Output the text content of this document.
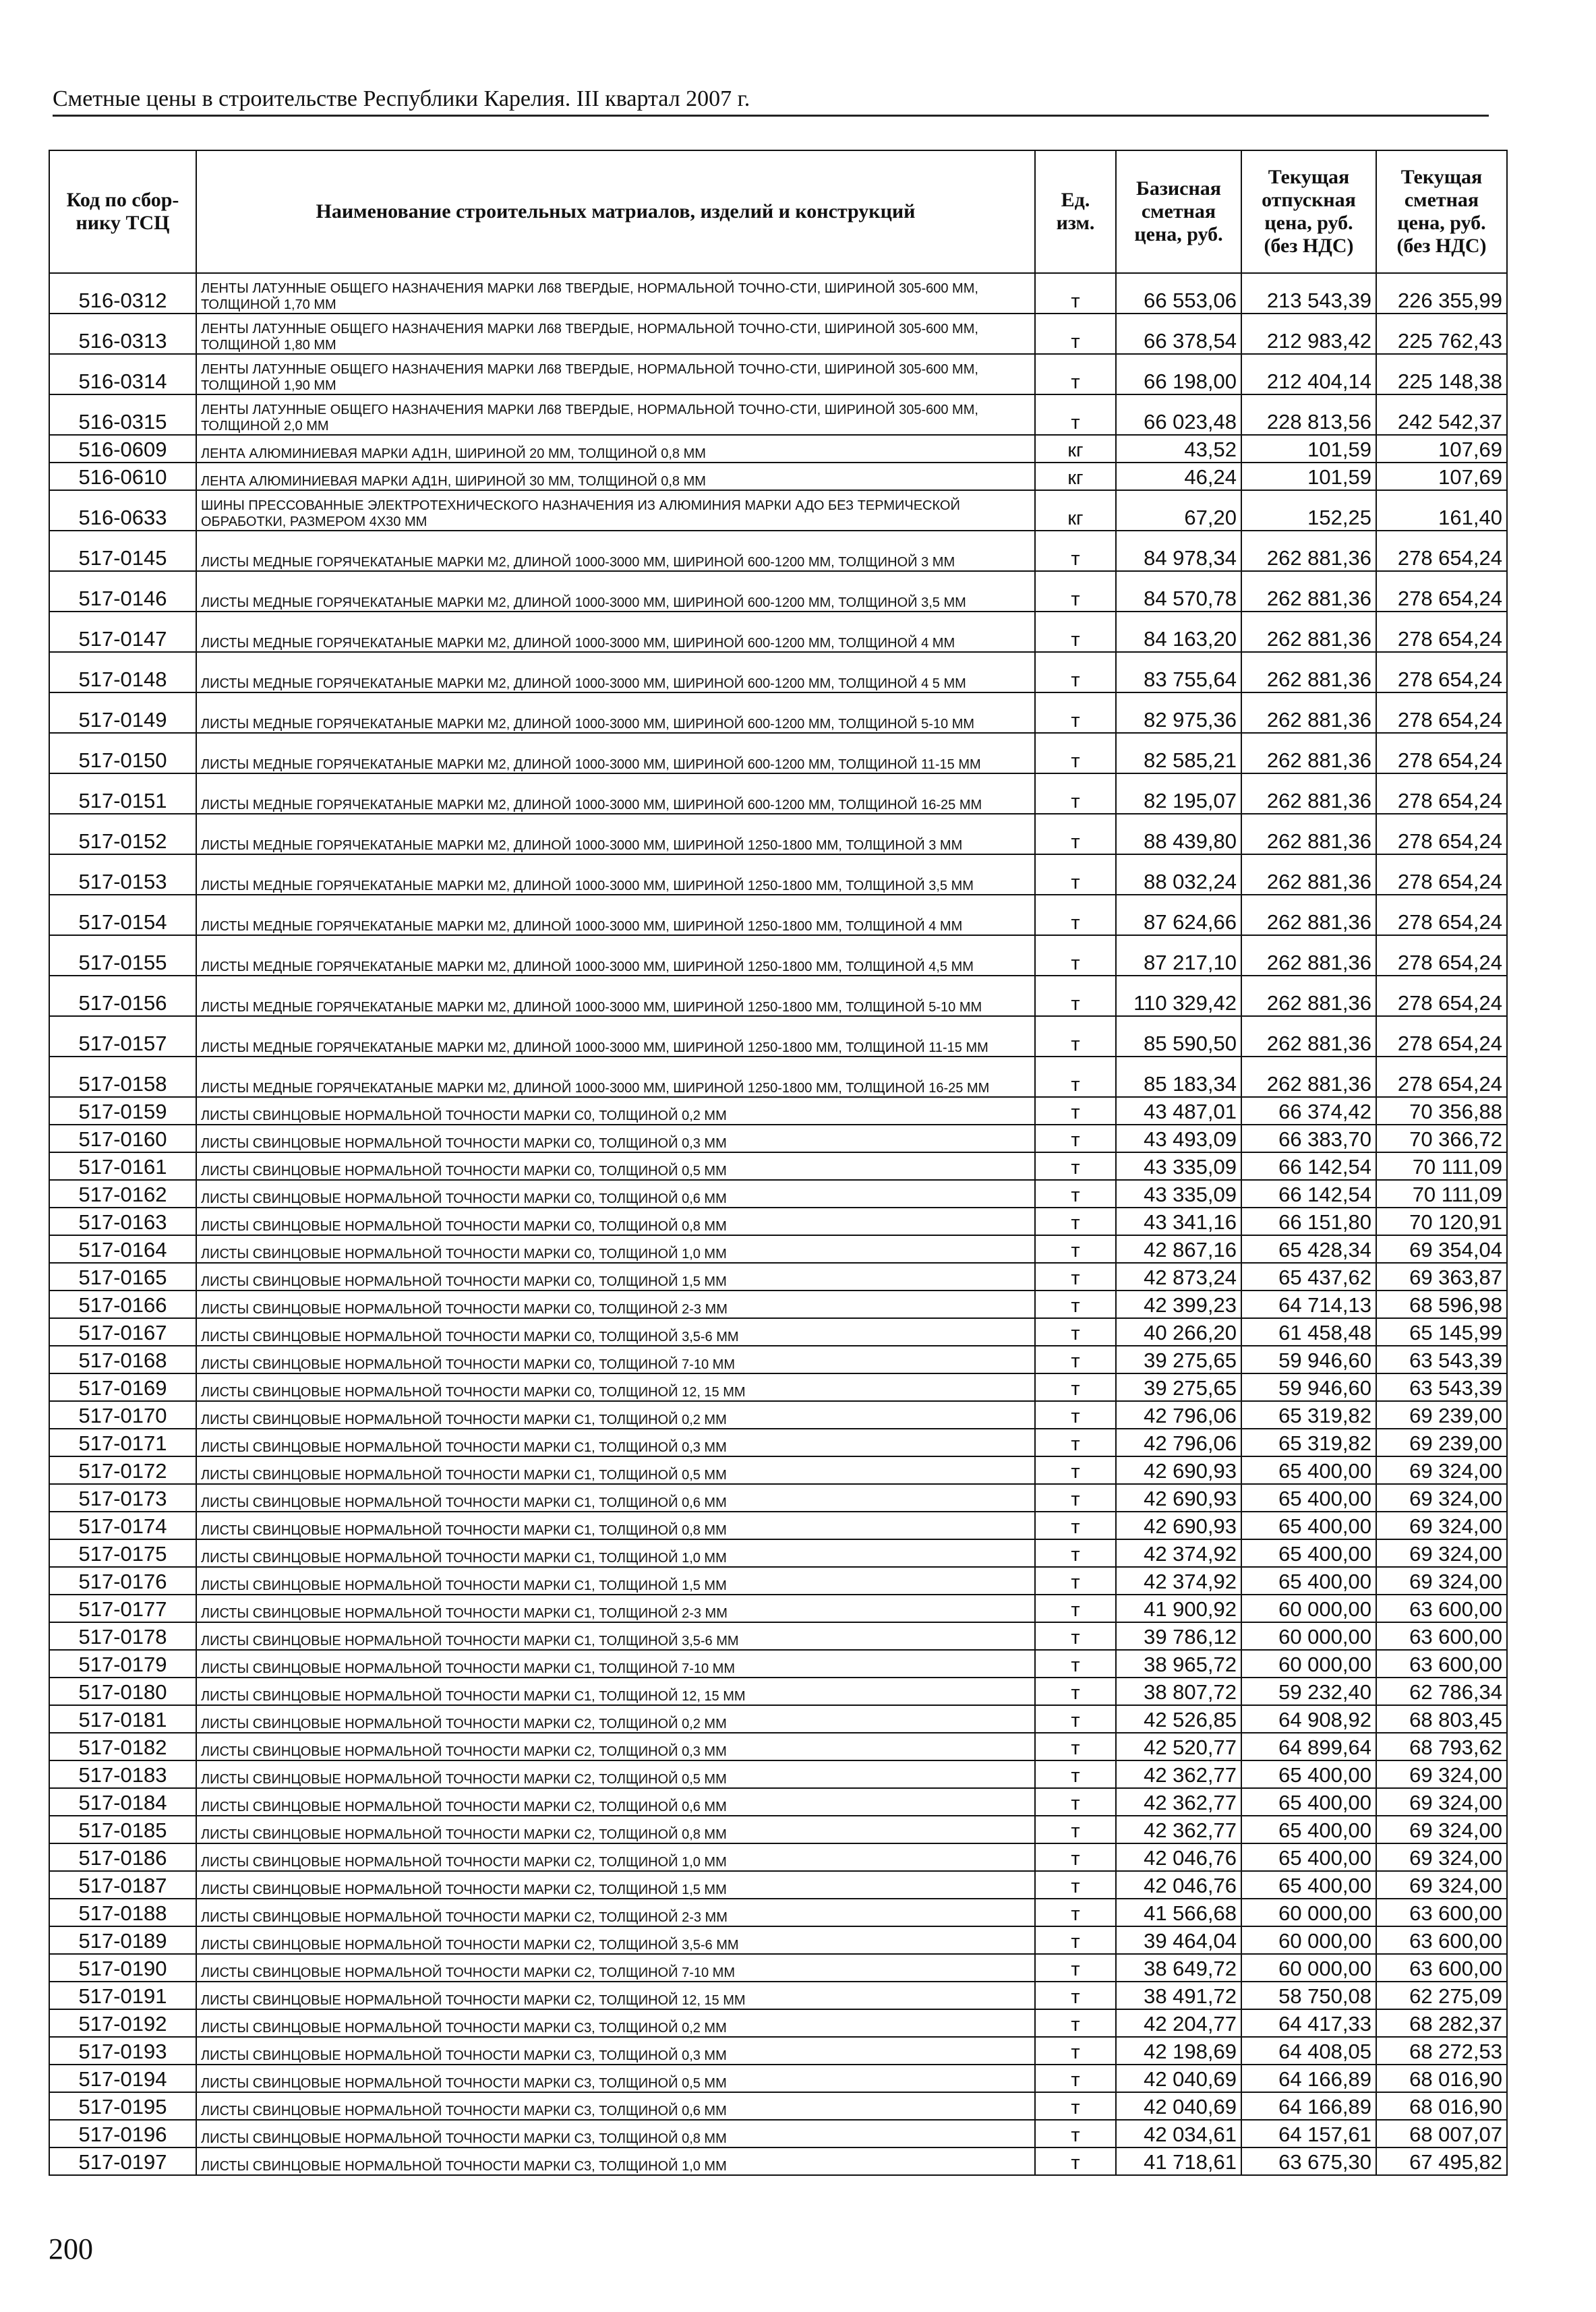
Сметные цены в строительстве Республики Карелия. III квартал 2007 г.
Код по сбор-нику ТСЦ	Наименование строительных матриалов, изделий и конструкций	Ед. изм.	Базисная сметная цена, руб.	Текущая отпускная цена, руб. (без НДС)	Текущая сметная цена, руб. (без НДС)
516-0312	ЛЕНТЫ ЛАТУННЫЕ ОБЩЕГО НАЗНАЧЕНИЯ МАРКИ Л68 ТВЕРДЫЕ, НОРМАЛЬНОЙ ТОЧНО-СТИ, ШИРИНОЙ 305-600 ММ, ТОЛЩИНОЙ 1,70 ММ	т	66 553,06	213 543,39	226 355,99
516-0313	ЛЕНТЫ ЛАТУННЫЕ ОБЩЕГО НАЗНАЧЕНИЯ МАРКИ Л68 ТВЕРДЫЕ, НОРМАЛЬНОЙ ТОЧНО-СТИ, ШИРИНОЙ 305-600 ММ, ТОЛЩИНОЙ 1,80 ММ	т	66 378,54	212 983,42	225 762,43
516-0314	ЛЕНТЫ ЛАТУННЫЕ ОБЩЕГО НАЗНАЧЕНИЯ МАРКИ Л68 ТВЕРДЫЕ, НОРМАЛЬНОЙ ТОЧНО-СТИ, ШИРИНОЙ 305-600 ММ, ТОЛЩИНОЙ 1,90 ММ	т	66 198,00	212 404,14	225 148,38
516-0315	ЛЕНТЫ ЛАТУННЫЕ ОБЩЕГО НАЗНАЧЕНИЯ МАРКИ Л68 ТВЕРДЫЕ, НОРМАЛЬНОЙ ТОЧНО-СТИ, ШИРИНОЙ 305-600 ММ, ТОЛЩИНОЙ 2,0 ММ	т	66 023,48	228 813,56	242 542,37
516-0609	ЛЕНТА АЛЮМИНИЕВАЯ МАРКИ АД1Н, ШИРИНОЙ 20 ММ, ТОЛЩИНОЙ 0,8 ММ	кг	43,52	101,59	107,69
516-0610	ЛЕНТА АЛЮМИНИЕВАЯ МАРКИ АД1Н, ШИРИНОЙ 30 ММ, ТОЛЩИНОЙ 0,8 ММ	кг	46,24	101,59	107,69
516-0633	ШИНЫ ПРЕССОВАННЫЕ ЭЛЕКТРОТЕХНИЧЕСКОГО НАЗНАЧЕНИЯ ИЗ АЛЮМИНИЯ МАРКИ АДО БЕЗ ТЕРМИЧЕСКОЙ ОБРАБОТКИ, РАЗМЕРОМ 4Х30 ММ	кг	67,20	152,25	161,40
517-0145	ЛИСТЫ МЕДНЫЕ ГОРЯЧЕКАТАНЫЕ МАРКИ М2, ДЛИНОЙ 1000-3000 ММ, ШИРИНОЙ 600-1200 ММ, ТОЛЩИНОЙ 3 ММ	т	84 978,34	262 881,36	278 654,24
517-0146	ЛИСТЫ МЕДНЫЕ ГОРЯЧЕКАТАНЫЕ МАРКИ М2, ДЛИНОЙ 1000-3000 ММ, ШИРИНОЙ 600-1200 ММ, ТОЛЩИНОЙ 3,5 ММ	т	84 570,78	262 881,36	278 654,24
517-0147	ЛИСТЫ МЕДНЫЕ ГОРЯЧЕКАТАНЫЕ МАРКИ М2, ДЛИНОЙ 1000-3000 ММ, ШИРИНОЙ 600-1200 ММ, ТОЛЩИНОЙ 4 ММ	т	84 163,20	262 881,36	278 654,24
517-0148	ЛИСТЫ МЕДНЫЕ ГОРЯЧЕКАТАНЫЕ МАРКИ М2, ДЛИНОЙ 1000-3000 ММ, ШИРИНОЙ 600-1200 ММ, ТОЛЩИНОЙ 4 5 ММ	т	83 755,64	262 881,36	278 654,24
517-0149	ЛИСТЫ МЕДНЫЕ ГОРЯЧЕКАТАНЫЕ МАРКИ М2, ДЛИНОЙ 1000-3000 ММ, ШИРИНОЙ 600-1200 ММ, ТОЛЩИНОЙ 5-10 ММ	т	82 975,36	262 881,36	278 654,24
517-0150	ЛИСТЫ МЕДНЫЕ ГОРЯЧЕКАТАНЫЕ МАРКИ М2, ДЛИНОЙ 1000-3000 ММ, ШИРИНОЙ 600-1200 ММ, ТОЛЩИНОЙ 11-15 ММ	т	82 585,21	262 881,36	278 654,24
517-0151	ЛИСТЫ МЕДНЫЕ ГОРЯЧЕКАТАНЫЕ МАРКИ М2, ДЛИНОЙ 1000-3000 ММ, ШИРИНОЙ 600-1200 ММ, ТОЛЩИНОЙ 16-25 ММ	т	82 195,07	262 881,36	278 654,24
517-0152	ЛИСТЫ МЕДНЫЕ ГОРЯЧЕКАТАНЫЕ МАРКИ М2, ДЛИНОЙ 1000-3000 ММ, ШИРИНОЙ 1250-1800 ММ, ТОЛЩИНОЙ 3 ММ	т	88 439,80	262 881,36	278 654,24
517-0153	ЛИСТЫ МЕДНЫЕ ГОРЯЧЕКАТАНЫЕ МАРКИ М2, ДЛИНОЙ 1000-3000 ММ, ШИРИНОЙ 1250-1800 ММ, ТОЛЩИНОЙ 3,5 ММ	т	88 032,24	262 881,36	278 654,24
517-0154	ЛИСТЫ МЕДНЫЕ ГОРЯЧЕКАТАНЫЕ МАРКИ М2, ДЛИНОЙ 1000-3000 ММ, ШИРИНОЙ 1250-1800 ММ, ТОЛЩИНОЙ 4 ММ	т	87 624,66	262 881,36	278 654,24
517-0155	ЛИСТЫ МЕДНЫЕ ГОРЯЧЕКАТАНЫЕ МАРКИ М2, ДЛИНОЙ 1000-3000 ММ, ШИРИНОЙ 1250-1800 ММ, ТОЛЩИНОЙ 4,5 ММ	т	87 217,10	262 881,36	278 654,24
517-0156	ЛИСТЫ МЕДНЫЕ ГОРЯЧЕКАТАНЫЕ МАРКИ М2, ДЛИНОЙ 1000-3000 ММ, ШИРИНОЙ 1250-1800 ММ, ТОЛЩИНОЙ 5-10 ММ	т	110 329,42	262 881,36	278 654,24
517-0157	ЛИСТЫ МЕДНЫЕ ГОРЯЧЕКАТАНЫЕ МАРКИ М2, ДЛИНОЙ 1000-3000 ММ, ШИРИНОЙ 1250-1800 ММ, ТОЛЩИНОЙ 11-15 ММ	т	85 590,50	262 881,36	278 654,24
517-0158	ЛИСТЫ МЕДНЫЕ ГОРЯЧЕКАТАНЫЕ МАРКИ М2, ДЛИНОЙ 1000-3000 ММ, ШИРИНОЙ 1250-1800 ММ, ТОЛЩИНОЙ 16-25 ММ	т	85 183,34	262 881,36	278 654,24
517-0159	ЛИСТЫ СВИНЦОВЫЕ НОРМАЛЬНОЙ ТОЧНОСТИ МАРКИ С0, ТОЛЩИНОЙ 0,2 ММ	т	43 487,01	66 374,42	70 356,88
517-0160	ЛИСТЫ СВИНЦОВЫЕ НОРМАЛЬНОЙ ТОЧНОСТИ МАРКИ С0, ТОЛЩИНОЙ 0,3 ММ	т	43 493,09	66 383,70	70 366,72
517-0161	ЛИСТЫ СВИНЦОВЫЕ НОРМАЛЬНОЙ ТОЧНОСТИ МАРКИ С0, ТОЛЩИНОЙ 0,5 ММ	т	43 335,09	66 142,54	70 111,09
517-0162	ЛИСТЫ СВИНЦОВЫЕ НОРМАЛЬНОЙ ТОЧНОСТИ МАРКИ С0, ТОЛЩИНОЙ 0,6 ММ	т	43 335,09	66 142,54	70 111,09
517-0163	ЛИСТЫ СВИНЦОВЫЕ НОРМАЛЬНОЙ ТОЧНОСТИ МАРКИ С0, ТОЛЩИНОЙ 0,8 ММ	т	43 341,16	66 151,80	70 120,91
517-0164	ЛИСТЫ СВИНЦОВЫЕ НОРМАЛЬНОЙ ТОЧНОСТИ МАРКИ С0, ТОЛЩИНОЙ 1,0 ММ	т	42 867,16	65 428,34	69 354,04
517-0165	ЛИСТЫ СВИНЦОВЫЕ НОРМАЛЬНОЙ ТОЧНОСТИ МАРКИ С0, ТОЛЩИНОЙ 1,5 ММ	т	42 873,24	65 437,62	69 363,87
517-0166	ЛИСТЫ СВИНЦОВЫЕ НОРМАЛЬНОЙ ТОЧНОСТИ МАРКИ С0, ТОЛЩИНОЙ 2-3 ММ	т	42 399,23	64 714,13	68 596,98
517-0167	ЛИСТЫ СВИНЦОВЫЕ НОРМАЛЬНОЙ ТОЧНОСТИ МАРКИ С0, ТОЛЩИНОЙ 3,5-6 ММ	т	40 266,20	61 458,48	65 145,99
517-0168	ЛИСТЫ СВИНЦОВЫЕ НОРМАЛЬНОЙ ТОЧНОСТИ МАРКИ С0, ТОЛЩИНОЙ 7-10 ММ	т	39 275,65	59 946,60	63 543,39
517-0169	ЛИСТЫ СВИНЦОВЫЕ НОРМАЛЬНОЙ ТОЧНОСТИ МАРКИ С0, ТОЛЩИНОЙ 12, 15 ММ	т	39 275,65	59 946,60	63 543,39
517-0170	ЛИСТЫ СВИНЦОВЫЕ НОРМАЛЬНОЙ ТОЧНОСТИ МАРКИ С1, ТОЛЩИНОЙ 0,2 ММ	т	42 796,06	65 319,82	69 239,00
517-0171	ЛИСТЫ СВИНЦОВЫЕ НОРМАЛЬНОЙ ТОЧНОСТИ МАРКИ С1, ТОЛЩИНОЙ 0,3 ММ	т	42 796,06	65 319,82	69 239,00
517-0172	ЛИСТЫ СВИНЦОВЫЕ НОРМАЛЬНОЙ ТОЧНОСТИ МАРКИ С1, ТОЛЩИНОЙ 0,5 ММ	т	42 690,93	65 400,00	69 324,00
517-0173	ЛИСТЫ СВИНЦОВЫЕ НОРМАЛЬНОЙ ТОЧНОСТИ МАРКИ С1, ТОЛЩИНОЙ 0,6 ММ	т	42 690,93	65 400,00	69 324,00
517-0174	ЛИСТЫ СВИНЦОВЫЕ НОРМАЛЬНОЙ ТОЧНОСТИ МАРКИ С1, ТОЛЩИНОЙ 0,8 ММ	т	42 690,93	65 400,00	69 324,00
517-0175	ЛИСТЫ СВИНЦОВЫЕ НОРМАЛЬНОЙ ТОЧНОСТИ МАРКИ С1, ТОЛЩИНОЙ 1,0 ММ	т	42 374,92	65 400,00	69 324,00
517-0176	ЛИСТЫ СВИНЦОВЫЕ НОРМАЛЬНОЙ ТОЧНОСТИ МАРКИ С1, ТОЛЩИНОЙ 1,5 ММ	т	42 374,92	65 400,00	69 324,00
517-0177	ЛИСТЫ СВИНЦОВЫЕ НОРМАЛЬНОЙ ТОЧНОСТИ МАРКИ С1, ТОЛЩИНОЙ 2-3 ММ	т	41 900,92	60 000,00	63 600,00
517-0178	ЛИСТЫ СВИНЦОВЫЕ НОРМАЛЬНОЙ ТОЧНОСТИ МАРКИ С1, ТОЛЩИНОЙ 3,5-6 ММ	т	39 786,12	60 000,00	63 600,00
517-0179	ЛИСТЫ СВИНЦОВЫЕ НОРМАЛЬНОЙ ТОЧНОСТИ МАРКИ С1, ТОЛЩИНОЙ 7-10 ММ	т	38 965,72	60 000,00	63 600,00
517-0180	ЛИСТЫ СВИНЦОВЫЕ НОРМАЛЬНОЙ ТОЧНОСТИ МАРКИ С1, ТОЛЩИНОЙ 12, 15 ММ	т	38 807,72	59 232,40	62 786,34
517-0181	ЛИСТЫ СВИНЦОВЫЕ НОРМАЛЬНОЙ ТОЧНОСТИ МАРКИ С2, ТОЛЩИНОЙ 0,2 ММ	т	42 526,85	64 908,92	68 803,45
517-0182	ЛИСТЫ СВИНЦОВЫЕ НОРМАЛЬНОЙ ТОЧНОСТИ МАРКИ С2, ТОЛЩИНОЙ 0,3 ММ	т	42 520,77	64 899,64	68 793,62
517-0183	ЛИСТЫ СВИНЦОВЫЕ НОРМАЛЬНОЙ ТОЧНОСТИ МАРКИ С2, ТОЛЩИНОЙ 0,5 ММ	т	42 362,77	65 400,00	69 324,00
517-0184	ЛИСТЫ СВИНЦОВЫЕ НОРМАЛЬНОЙ ТОЧНОСТИ МАРКИ С2, ТОЛЩИНОЙ 0,6 ММ	т	42 362,77	65 400,00	69 324,00
517-0185	ЛИСТЫ СВИНЦОВЫЕ НОРМАЛЬНОЙ ТОЧНОСТИ МАРКИ С2, ТОЛЩИНОЙ 0,8 ММ	т	42 362,77	65 400,00	69 324,00
517-0186	ЛИСТЫ СВИНЦОВЫЕ НОРМАЛЬНОЙ ТОЧНОСТИ МАРКИ С2, ТОЛЩИНОЙ 1,0 ММ	т	42 046,76	65 400,00	69 324,00
517-0187	ЛИСТЫ СВИНЦОВЫЕ НОРМАЛЬНОЙ ТОЧНОСТИ МАРКИ С2, ТОЛЩИНОЙ 1,5 ММ	т	42 046,76	65 400,00	69 324,00
517-0188	ЛИСТЫ СВИНЦОВЫЕ НОРМАЛЬНОЙ ТОЧНОСТИ МАРКИ С2, ТОЛЩИНОЙ 2-3 ММ	т	41 566,68	60 000,00	63 600,00
517-0189	ЛИСТЫ СВИНЦОВЫЕ НОРМАЛЬНОЙ ТОЧНОСТИ МАРКИ С2, ТОЛЩИНОЙ 3,5-6 ММ	т	39 464,04	60 000,00	63 600,00
517-0190	ЛИСТЫ СВИНЦОВЫЕ НОРМАЛЬНОЙ ТОЧНОСТИ МАРКИ С2, ТОЛЩИНОЙ 7-10 ММ	т	38 649,72	60 000,00	63 600,00
517-0191	ЛИСТЫ СВИНЦОВЫЕ НОРМАЛЬНОЙ ТОЧНОСТИ МАРКИ С2, ТОЛЩИНОЙ 12, 15 ММ	т	38 491,72	58 750,08	62 275,09
517-0192	ЛИСТЫ СВИНЦОВЫЕ НОРМАЛЬНОЙ ТОЧНОСТИ МАРКИ С3, ТОЛЩИНОЙ 0,2 ММ	т	42 204,77	64 417,33	68 282,37
517-0193	ЛИСТЫ СВИНЦОВЫЕ НОРМАЛЬНОЙ ТОЧНОСТИ МАРКИ С3, ТОЛЩИНОЙ 0,3 ММ	т	42 198,69	64 408,05	68 272,53
517-0194	ЛИСТЫ СВИНЦОВЫЕ НОРМАЛЬНОЙ ТОЧНОСТИ МАРКИ С3, ТОЛЩИНОЙ 0,5 ММ	т	42 040,69	64 166,89	68 016,90
517-0195	ЛИСТЫ СВИНЦОВЫЕ НОРМАЛЬНОЙ ТОЧНОСТИ МАРКИ С3, ТОЛЩИНОЙ 0,6 ММ	т	42 040,69	64 166,89	68 016,90
517-0196	ЛИСТЫ СВИНЦОВЫЕ НОРМАЛЬНОЙ ТОЧНОСТИ МАРКИ С3, ТОЛЩИНОЙ 0,8 ММ	т	42 034,61	64 157,61	68 007,07
517-0197	ЛИСТЫ СВИНЦОВЫЕ НОРМАЛЬНОЙ ТОЧНОСТИ МАРКИ С3, ТОЛЩИНОЙ 1,0 ММ	т	41 718,61	63 675,30	67 495,82
200
